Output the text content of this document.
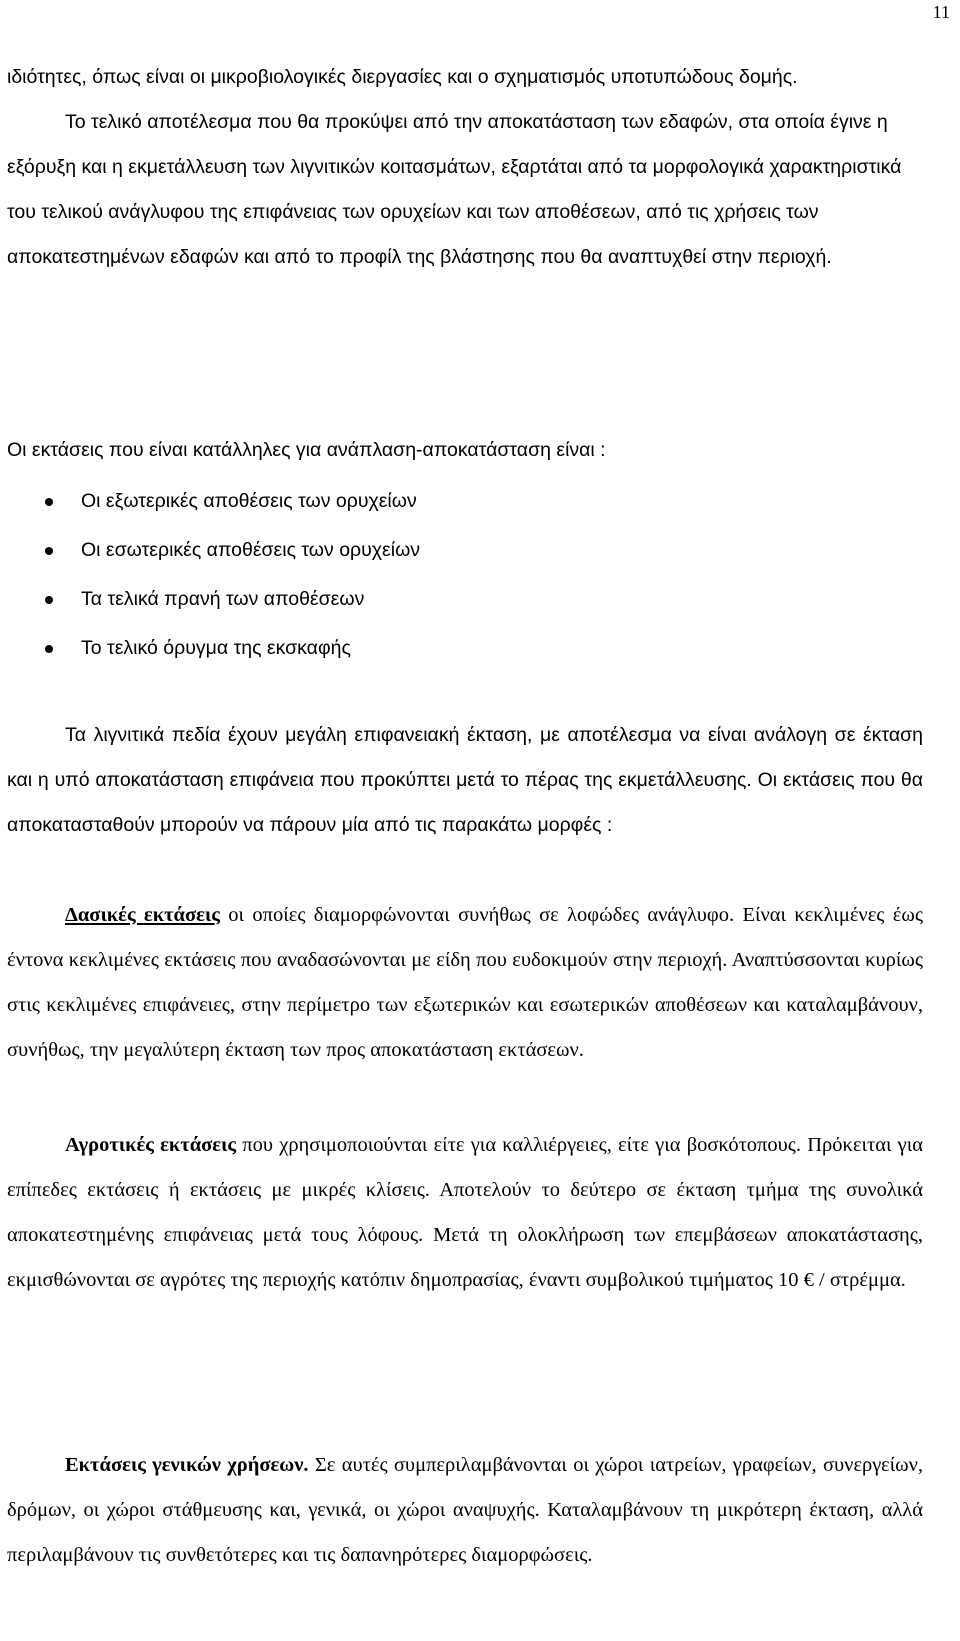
11
ιδιότητες, όπως είναι οι μικροβιολογικές διεργασίες και ο σχηματισμός υποτυπώδους δομής.
Το τελικό αποτέλεσμα που θα προκύψει από την αποκατάσταση των εδαφών, στα οποία έγινε η εξόρυξη και η εκμετάλλευση των λιγνιτικών κοιτασμάτων, εξαρτάται από τα μορφολογικά χαρακτηριστικά του τελικού ανάγλυφου της επιφάνειας των ορυχείων και των αποθέσεων, από τις χρήσεις των αποκατεστημένων εδαφών και από το προφίλ της βλάστησης που θα αναπτυχθεί στην περιοχή.
Οι εκτάσεις που είναι κατάλληλες για ανάπλαση-αποκατάσταση είναι :
Οι εξωτερικές αποθέσεις των ορυχείων
Οι εσωτερικές αποθέσεις των ορυχείων
Τα τελικά πρανή των αποθέσεων
Το τελικό όρυγμα της εκσκαφής
Τα λιγνιτικά πεδία έχουν μεγάλη επιφανειακή έκταση, με αποτέλεσμα να είναι ανάλογη σε έκταση και η υπό αποκατάσταση επιφάνεια που προκύπτει μετά το πέρας της εκμετάλλευσης. Οι εκτάσεις που θα αποκατασταθούν μπορούν να πάρουν μία από τις παρακάτω μορφές :
Δασικές εκτάσεις οι οποίες διαμορφώνονται συνήθως σε λοφώδες ανάγλυφο. Είναι κεκλιμένες έως έντονα κεκλιμένες εκτάσεις που αναδασώνονται με είδη που ευδοκιμούν στην περιοχή. Αναπτύσσονται κυρίως στις κεκλιμένες επιφάνειες, στην περίμετρο των εξωτερικών και εσωτερικών αποθέσεων και καταλαμβάνουν, συνήθως, την μεγαλύτερη έκταση των προς αποκατάσταση εκτάσεων.
Αγροτικές εκτάσεις που χρησιμοποιούνται είτε για καλλιέργειες, είτε για βοσκότοπους. Πρόκειται για επίπεδες εκτάσεις ή εκτάσεις με μικρές κλίσεις. Αποτελούν το δεύτερο σε έκταση τμήμα της συνολικά αποκατεστημένης επιφάνειας μετά τους λόφους. Μετά τη ολοκλήρωση των επεμβάσεων αποκατάστασης, εκμισθώνονται σε αγρότες της περιοχής κατόπιν δημοπρασίας, έναντι συμβολικού τιμήματος 10 € / στρέμμα.
Εκτάσεις γενικών χρήσεων. Σε αυτές συμπεριλαμβάνονται οι χώροι ιατρείων, γραφείων, συνεργείων, δρόμων, οι χώροι στάθμευσης και, γενικά, οι χώροι αναψυχής. Καταλαμβάνουν τη μικρότερη έκταση, αλλά περιλαμβάνουν τις συνθετότερες και τις δαπανηρότερες διαμορφώσεις.
